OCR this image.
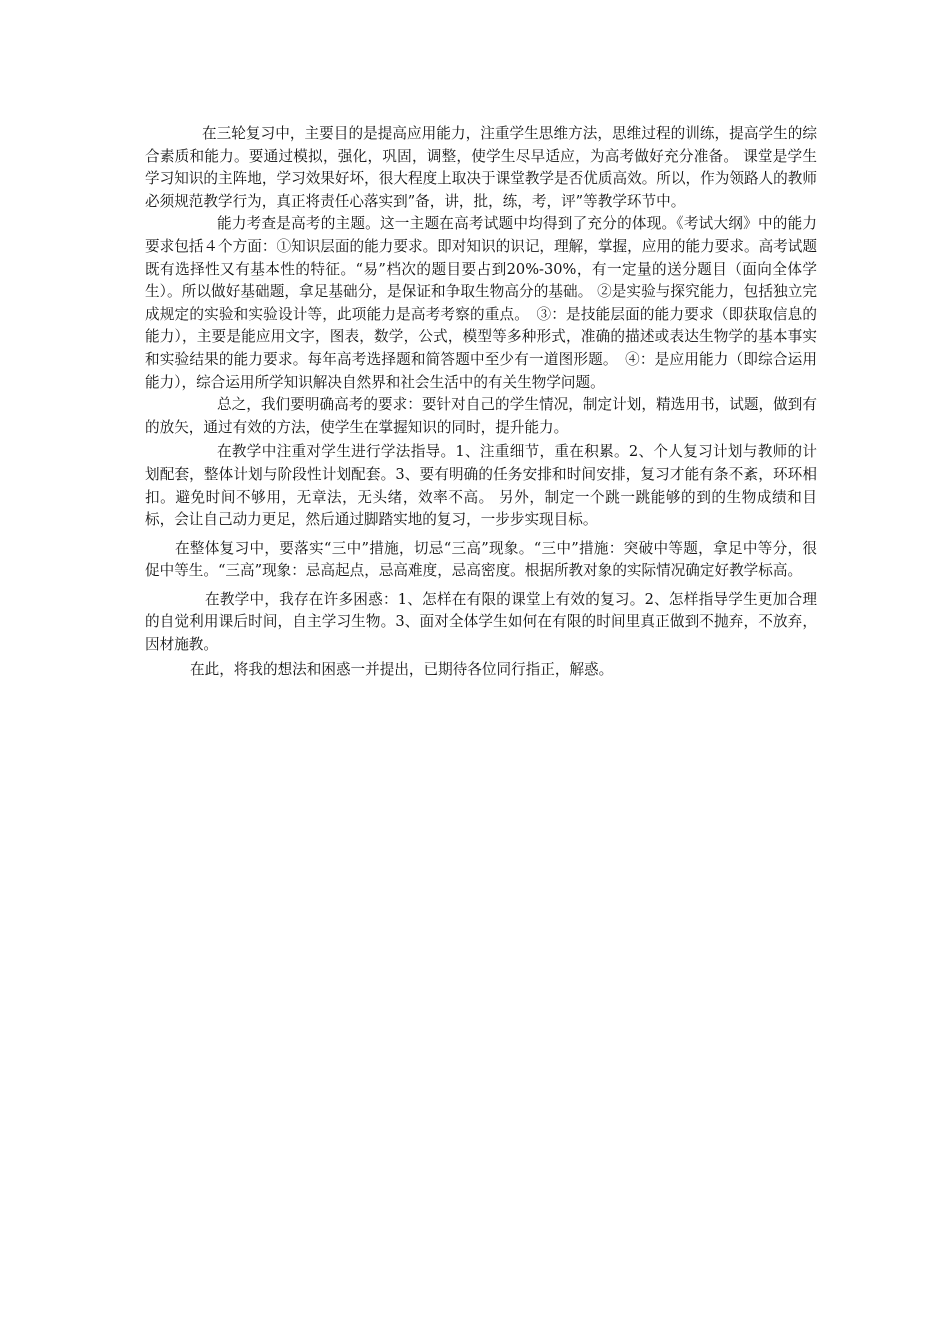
在三轮复习中，主要目的是提高应用能力，注重学生思维方法，思维过程的训练，提高学生的综合素质和能力。要通过模拟，强化，巩固，调整，使学生尽早适应，为高考做好充分准备。 课堂是学生学习知识的主阵地，学习效果好坏，很大程度上取决于课堂教学是否优质高效。所以，作为领路人的教师必须规范教学行为，真正将责任心落实到”备，讲，批，练，考，评”等教学环节中。

能力考查是高考的主题。这一主题在高考试题中均得到了充分的体现。《考试大纲》中的能力要求包括４个方面：①知识层面的能力要求。即对知识的识记，理解，掌握，应用的能力要求。高考试题既有选择性又有基本性的特征。“易”档次的题目要占到20%-30%，有一定量的送分题目（面向全体学生）。所以做好基础题，拿足基础分，是保证和争取生物高分的基础。 ②是实验与探究能力，包括独立完成规定的实验和实验设计等，此项能力是高考考察的重点。　③：是技能层面的能力要求（即获取信息的能力），主要是能应用文字，图表，数学，公式，模型等多种形式，准确的描述或表达生物学的基本事实和实验结果的能力要求。每年高考选择题和简答题中至少有一道图形题。　④：是应用能力（即综合运用能力），综合运用所学知识解决自然界和社会生活中的有关生物学问题。

总之，我们要明确高考的要求：要针对自己的学生情况，制定计划，精选用书，试题，做到有的放矢，通过有效的方法，使学生在掌握知识的同时，提升能力。

在教学中注重对学生进行学法指导。1、注重细节，重在积累。2、个人复习计划与教师的计划配套，整体计划与阶段性计划配套。3、要有明确的任务安排和时间安排，复习才能有条不紊，环环相扣。避免时间不够用，无章法，无头绪，效率不高。 另外，制定一个跳一跳能够的到的生物成绩和目标，会让自己动力更足，然后通过脚踏实地的复习，一步步实现目标。

在整体复习中，要落实“三中”措施，切忌“三高”现象。“三中”措施：突破中等题，拿足中等分，很促中等生。“三高”现象：忌高起点，忌高难度，忌高密度。根据所教对象的实际情况确定好教学标高。

在教学中，我存在许多困惑：1、怎样在有限的课堂上有效的复习。2、怎样指导学生更加合理的自觉利用课后时间，自主学习生物。3、面对全体学生如何在有限的时间里真正做到不抛弃，不放弃，因材施教。

在此，将我的想法和困惑一并提出，已期待各位同行指正，解惑。
